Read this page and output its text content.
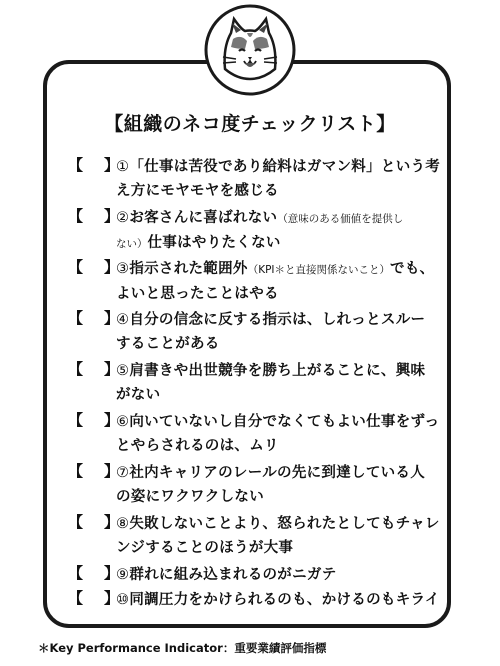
【組織のネコ度チェックリスト】
【 】
①「仕事は苦役であり給料はガマン料」という考
え方にモヤモヤを感じる
【 】
②お客さんに喜ばれない（意味のある価値を提供し
ない）仕事はやりたくない
【 】
③指示された範囲外（KPI＊と直接関係ないこと）でも、
よいと思ったことはやる
【 】
④自分の信念に反する指示は、しれっとスルー
することがある
【 】
⑤肩書きや出世競争を勝ち上がることに、興味
がない
【 】
⑥向いていないし自分でなくてもよい仕事をずっ
とやらされるのは、ムリ
【 】
⑦社内キャリアのレールの先に到達している人
の姿にワクワクしない
【 】
⑧失敗しないことより、怒られたとしてもチャレ
ンジすることのほうが大事
【 】
⑨群れに組み込まれるのがニガテ
【 】
⑩同調圧力をかけられるのも、かけるのもキライ
＊Key Performance Indicator：重要業績評価指標
